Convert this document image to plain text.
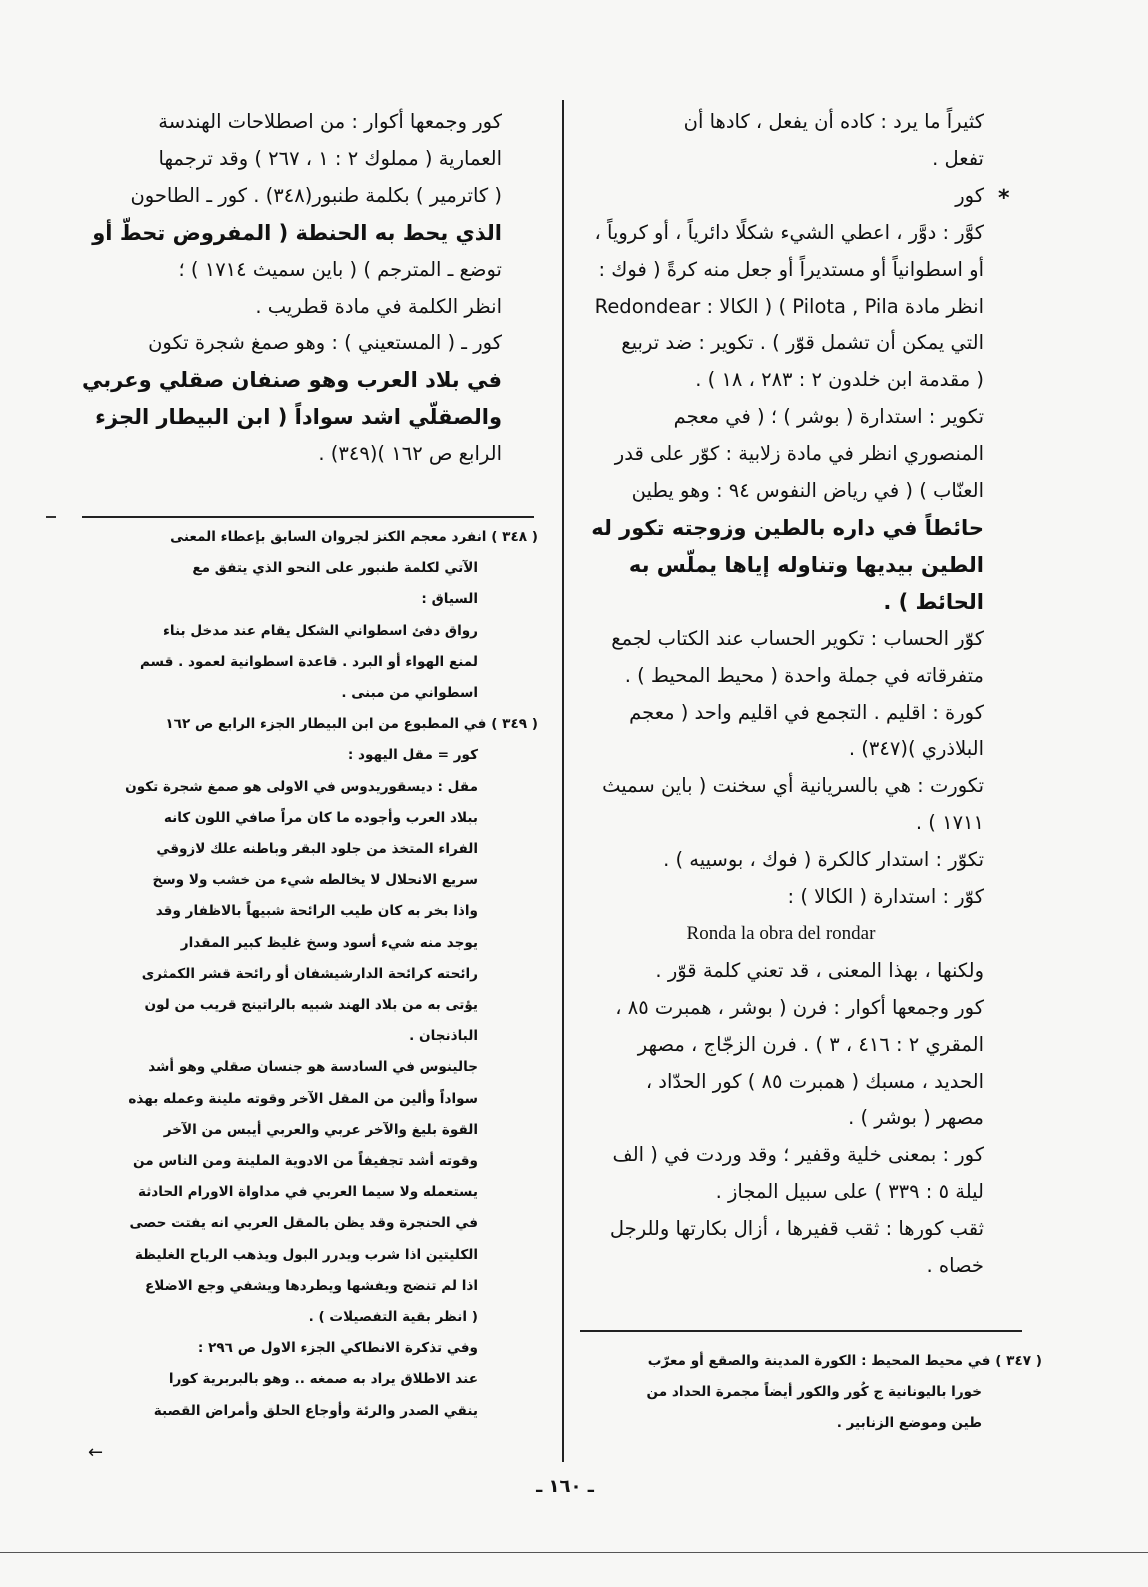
*
كثيراً ما يرد : كاده أن يفعل ، كادها أن
تفعل .
كور
كوَّر : دوَّر ، اعطي الشيء شكلًا دائرياً ، أو كروياً ،
أو اسطوانياً أو مستديراً أو جعل منه كرةً ( فوك :
انظر مادة Pilota , Pila ) ( الكالا : Redondear
التي يمكن أن تشمل قوّر ) . تكوير : ضد تربيع
( مقدمة ابن خلدون ٢ : ٢٨٣ ، ١٨ ) .
تكوير : استدارة ( بوشر ) ؛ ( في معجم
المنصوري انظر في مادة زلابية : كوّر على قدر
العنّاب ) ( في رياض النفوس ٩٤ : وهو يطين
حائطاً في داره بالطين وزوجته تكور له
الطين بيديها وتناوله إياها يملّس به
الحائط ) .
كوّر الحساب : تكوير الحساب عند الكتاب لجمع
متفرقاته في جملة واحدة ( محيط المحيط ) .
كورة : اقليم . التجمع في اقليم واحد ( معجم
البلاذري )(٣٤٧) .
تكورت : هي بالسريانية أي سخنت ( باين سميث
١٧١١ ) .
تكوّر : استدار كالكرة ( فوك ، بوسييه ) .
كوّر : استدارة ( الكالا ) :
Ronda la obra del rondar
ولكنها ، بهذا المعنى ، قد تعني كلمة قوّر .
كور وجمعها أكوار : فرن ( بوشر ، همبرت ٨٥ ،
المقري ٢ : ٤١٦ ، ٣ ) . فرن الزجّاج ، مصهر
الحديد ، مسبك ( همبرت ٨٥ ) كور الحدّاد ،
مصهر ( بوشر ) .
كور : بمعنى خلية وقفير ؛ وقد وردت في ( الف
ليلة ٥ : ٣٣٩ ) على سبيل المجاز .
ثقب كورها : ثقب قفيرها ، أزال بكارتها وللرجل
خصاه .
كور وجمعها أكوار : من اصطلاحات الهندسة
العمارية ( مملوك ٢ : ١ ، ٢٦٧ ) وقد ترجمها
( كاترمير ) بكلمة طنبور(٣٤٨) . كور ـ الطاحون
الذي يحط به الحنطة ( المفروض تحطّ أو
توضع ـ المترجم ) ( باين سميث ١٧١٤ ) ؛
انظر الكلمة في مادة قطريب .
كور ـ ( المستعيني ) : وهو صمغ شجرة تكون
في بلاد العرب وهو صنفان صقلي وعربي
والصقلّي اشد سواداً ( ابن البيطار الجزء
الرابع ص ١٦٢ )(٣٤٩) .
( ٣٤٨ ) انفرد معجم الكنز لجروان السابق بإعطاء المعنى
الآتي لكلمة طنبور على النحو الذي يتفق مع
السياق :
رواق دفئ اسطواني الشكل يقام عند مدخل بناء
لمنع الهواء أو البرد . قاعدة اسطوانية لعمود . قسم
اسطواني من مبنى .
( ٣٤٩ ) في المطبوع من ابن البيطار الجزء الرابع ص ١٦٢
كور = مقل اليهود :
مقل : ديسقوريدوس في الاولى هو صمغ شجرة تكون
ببلاد العرب وأجوده ما كان مراً صافي اللون كانه
الفراء المتخذ من جلود البقر وباطنه علك لازوقي
سريع الانحلال لا يخالطه شيء من خشب ولا وسخ
واذا بخر به كان طيب الرائحة شبيهاً بالاظفار وقد
يوجد منه شيء أسود وسخ غليظ كبير المقدار
رائحته كرائحة الدارشيشفان أو رائحة قشر الكمثرى
يؤتى به من بلاد الهند شبيه بالراتينج قريب من لون
الباذنجان .
جالينوس في السادسة هو جنسان صقلي وهو أشد
سواداً وألين من المقل الآخر وقوته ملينة وعمله بهذه
القوة بليغ والآخر عربي والعربي أيبس من الآخر
وقوته أشد تجفيفاً من الادوية الملينة ومن الناس من
يستعمله ولا سيما العربي في مداواة الاورام الحادثة
في الحنجرة وقد يظن بالمقل العربي انه يفتت حصى
الكليتين اذا شرب ويدرر البول ويذهب الرياح الغليظة
اذا لم تنضج ويفشها ويطردها ويشفي وجع الاضلاع
( انظر بقية التفصيلات ) .
وفي تذكرة الانطاكي الجزء الاول ص ٢٩٦ :
عند الاطلاق يراد به صمغه .. وهو بالبربرية كورا
ينقي الصدر والرئة وأوجاع الحلق وأمراض القصبة
( ٣٤٧ ) في محيط المحيط : الكورة المدينة والصقع أو معرّب
خورا باليونانية ج كُور والكور أيضاً مجمرة الحداد من
طين وموضع الزنابير .
←
ـ ١٦٠ ـ
